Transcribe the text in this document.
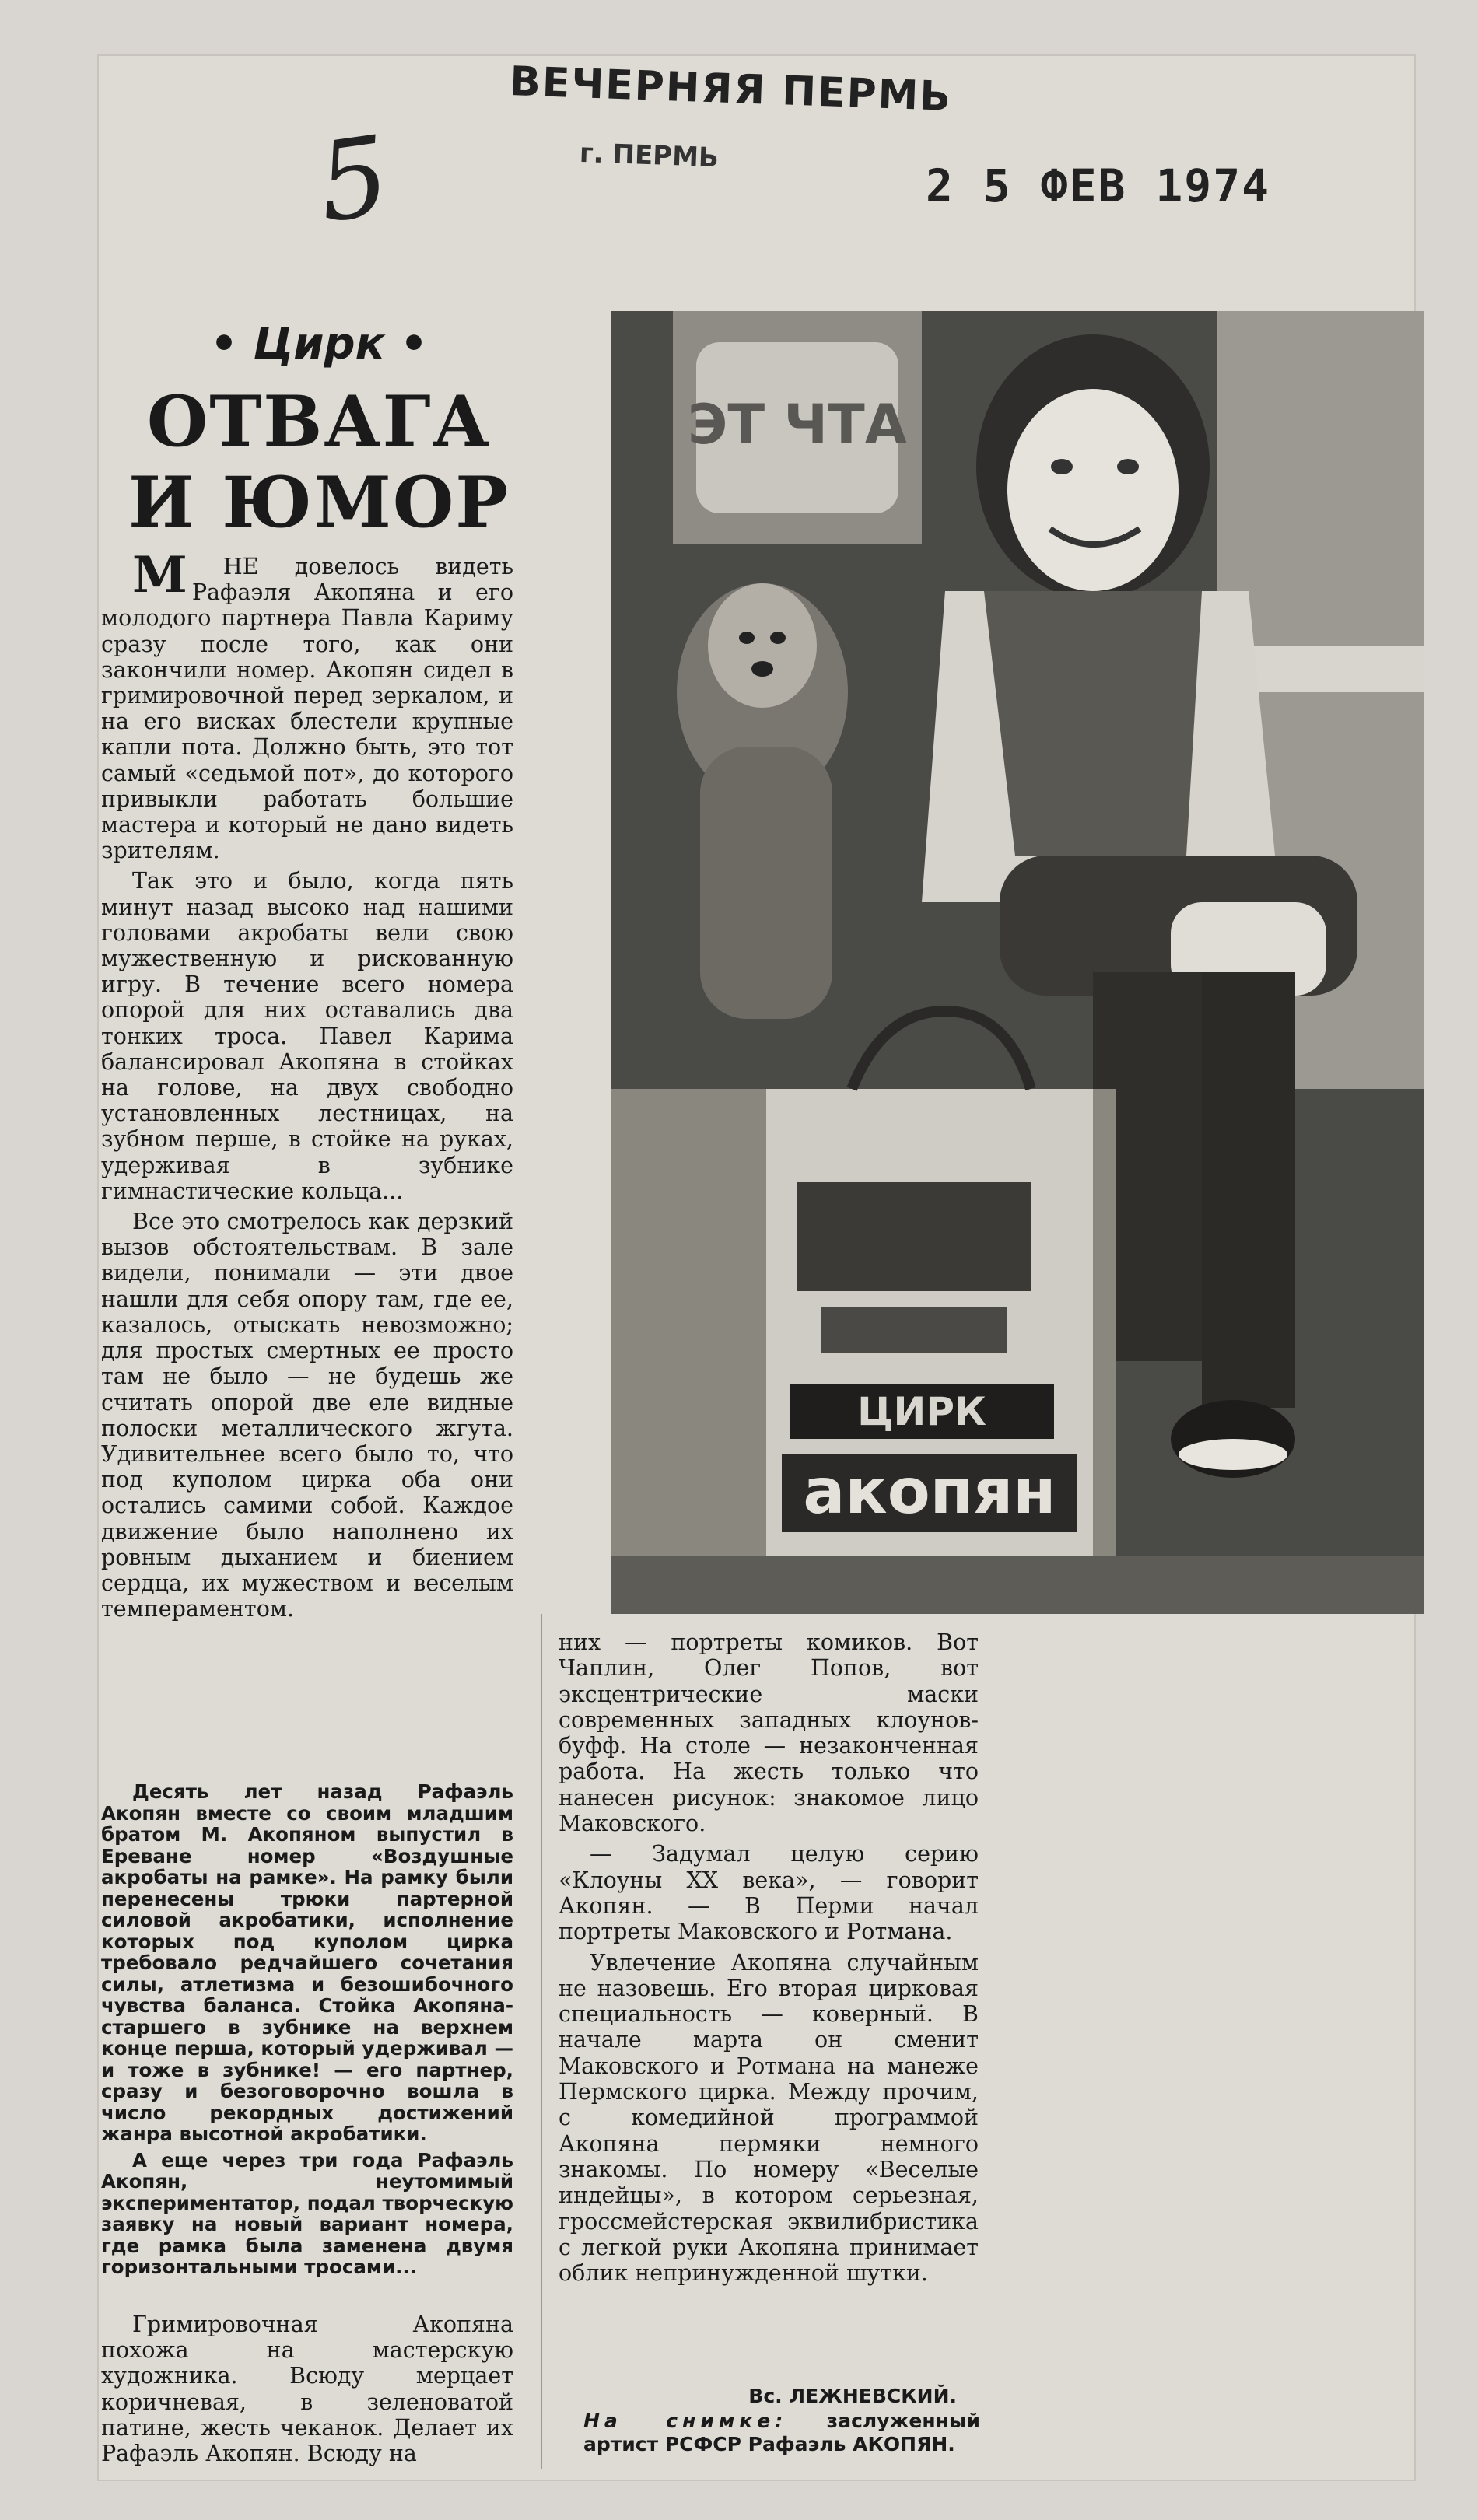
5
ВЕЧЕРНЯЯ ПЕРМЬ
г. ПЕРМЬ
2 5 ФЕВ 1974
• Цирк •
ОТВАГА
И ЮМОР

МНЕ довелось видеть Рафаэля Акопяна и его молодого партнера Павла Кариму сразу после того, как они закончили номер. Акопян сидел в гримировочной перед зеркалом, и на его висках блестели крупные капли пота. Должно быть, это тот самый «седьмой пот», до которого привыкли работать большие мастера и который не дано видеть зрителям.

Так это и было, когда пять минут назад высоко над нашими головами акробаты вели свою мужественную и рискованную игру. В течение всего номера опорой для них оставались два тонких троса. Павел Карима балансировал Акопяна в стойках на голове, на двух свободно установленных лестницах, на зубном перше, в стойке на руках, удерживая в зубнике гимнастические кольца...

Все это смотрелось как дерзкий вызов обстоятельствам. В зале видели, понимали — эти двое нашли для себя опору там, где ее, казалось, отыскать невозможно; для простых смертных ее просто там не было — не будешь же считать опорой две еле видные полоски металлического жгута. Удивительнее всего было то, что под куполом цирка оба они остались самими собой. Каждое движение было наполнено их ровным дыханием и биением сердца, их мужеством и веселым темпераментом.

Десять лет назад Рафаэль Акопян вместе со своим младшим братом М. Акопяном выпустил в Ереване номер «Воздушные акробаты на рамке». На рамку были перенесены трюки партерной силовой акробатики, исполнение которых под куполом цирка требовало редчайшего сочетания силы, атлетизма и безошибочного чувства баланса. Стойка Акопяна-старшего в зубнике на верхнем конце перша, который удерживал — и тоже в зубнике! — его партнер, сразу и безоговорочно вошла в число рекордных достижений жанра высотной акробатики.

А еще через три года Рафаэль Акопян, неутомимый экспериментатор, подал творческую заявку на новый вариант номера, где рамка была заменена двумя горизонтальными тросами...

Гримировочная Акопяна похожа на мастерскую художника. Всюду мерцает коричневая, в зеленоватой патине, жесть чеканок. Делает их Рафаэль Акопян. Всюду на

них — портреты комиков. Вот Чаплин, Олег Попов, вот эксцентрические маски современных западных клоунов-буфф. На столе — незаконченная работа. На жесть только что нанесен рисунок: знакомое лицо Маковского.

— Задумал целую серию «Клоуны XX века», — говорит Акопян. — В Перми начал портреты Маковского и Ротмана.

Увлечение Акопяна случайным не назовешь. Его вторая цирковая специальность — коверный. В начале марта он сменит Маковского и Ротмана на манеже Пермского цирка. Между прочим, с комедийной программой Акопяна пермяки немного знакомы. По номеру «Веселые индейцы», в котором серьезная, гроссмейстерская эквилибристика с легкой руки Акопяна принимает облик непринужденной шутки.

Вс. ЛЕЖНЕВСКИЙ.
На снимке: заслуженный артист РСФСР Рафаэль АКОПЯН.
ЭТ ЧТА
ЦИРК
акопян
